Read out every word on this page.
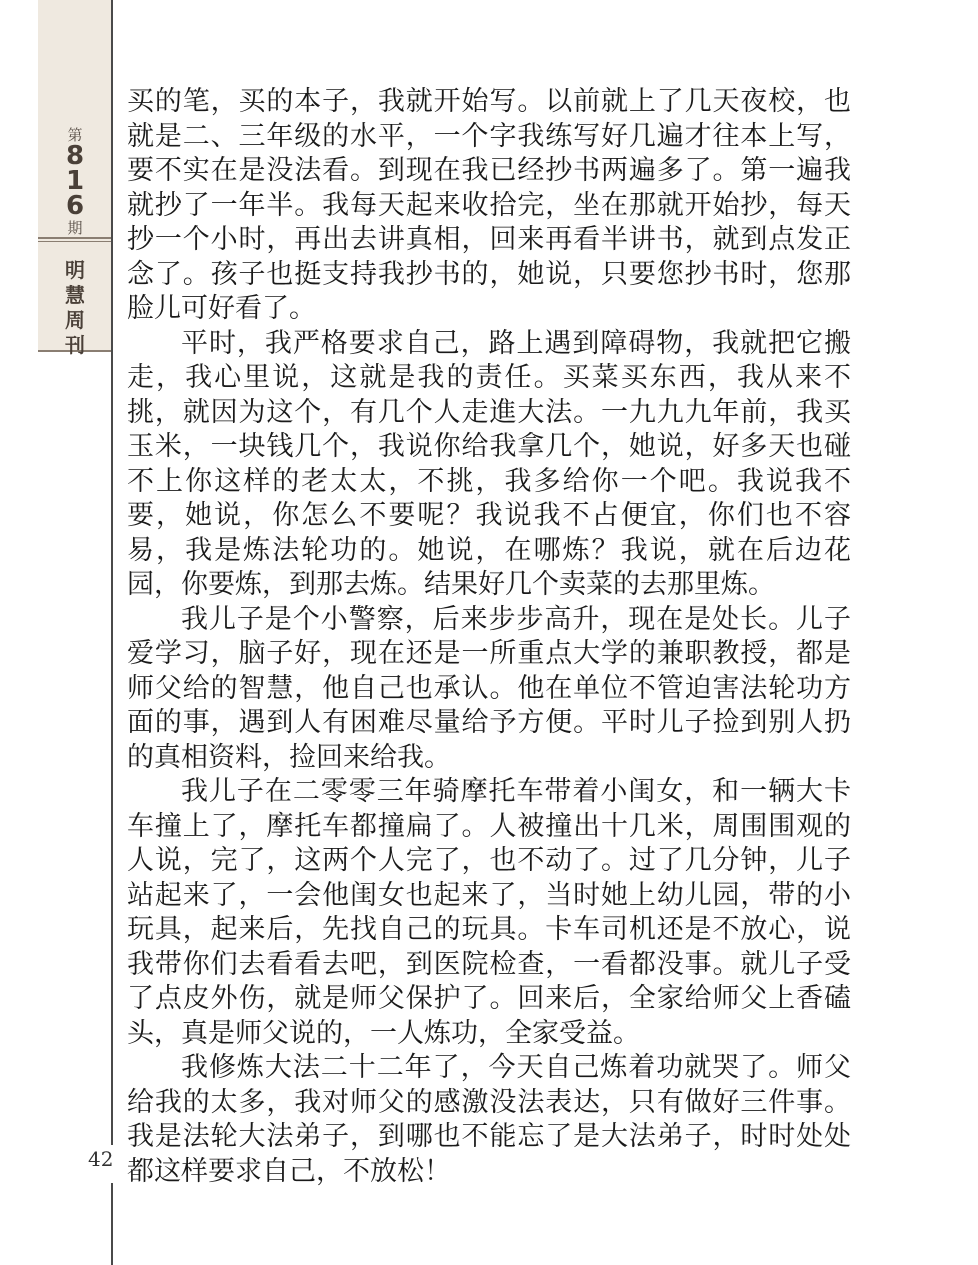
第
8
1
6
期
明
慧
周
刊

买的笔，买的本子，我就开始写。以前就上了几天夜校，也就是二、三年级的水平，一个字我练写好几遍才往本上写，要不实在是没法看。到现在我已经抄书两遍多了。第一遍我就抄了一年半。我每天起来收拾完，坐在那就开始抄，每天抄一个小时，再出去讲真相，回来再看半讲书，就到点发正念了。孩子也挺支持我抄书的，她说，只要您抄书时，您那脸儿可好看了。

平时，我严格要求自己，路上遇到障碍物，我就把它搬走，我心里说，这就是我的责任。买菜买东西，我从来不挑，就因为这个，有几个人走進大法。一九九九年前，我买玉米，一块钱几个，我说你给我拿几个，她说，好多天也碰不上你这样的老太太，不挑，我多给你一个吧。我说我不要，她说，你怎么不要呢？我说我不占便宜，你们也不容易，我是炼法轮功的。她说，在哪炼？我说，就在后边花园，你要炼，到那去炼。结果好几个卖菜的去那里炼。

我儿子是个小警察，后来步步高升，现在是处长。儿子爱学习，脑子好，现在还是一所重点大学的兼职教授，都是师父给的智慧，他自己也承认。他在单位不管迫害法轮功方面的事，遇到人有困难尽量给予方便。平时儿子捡到别人扔的真相资料，捡回来给我。

我儿子在二零零三年骑摩托车带着小闺女，和一辆大卡车撞上了，摩托车都撞扁了。人被撞出十几米，周围围观的人说，完了，这两个人完了，也不动了。过了几分钟，儿子站起来了，一会他闺女也起来了，当时她上幼儿园，带的小玩具，起来后，先找自己的玩具。卡车司机还是不放心，说我带你们去看看去吧，到医院检查，一看都没事。就儿子受了点皮外伤，就是师父保护了。回来后，全家给师父上香磕头，真是师父说的，一人炼功，全家受益。

我修炼大法二十二年了，今天自己炼着功就哭了。师父给我的太多，我对师父的感激没法表达，只有做好三件事。我是法轮大法弟子，到哪也不能忘了是大法弟子，时时处处都这样要求自己，不放松！

42
